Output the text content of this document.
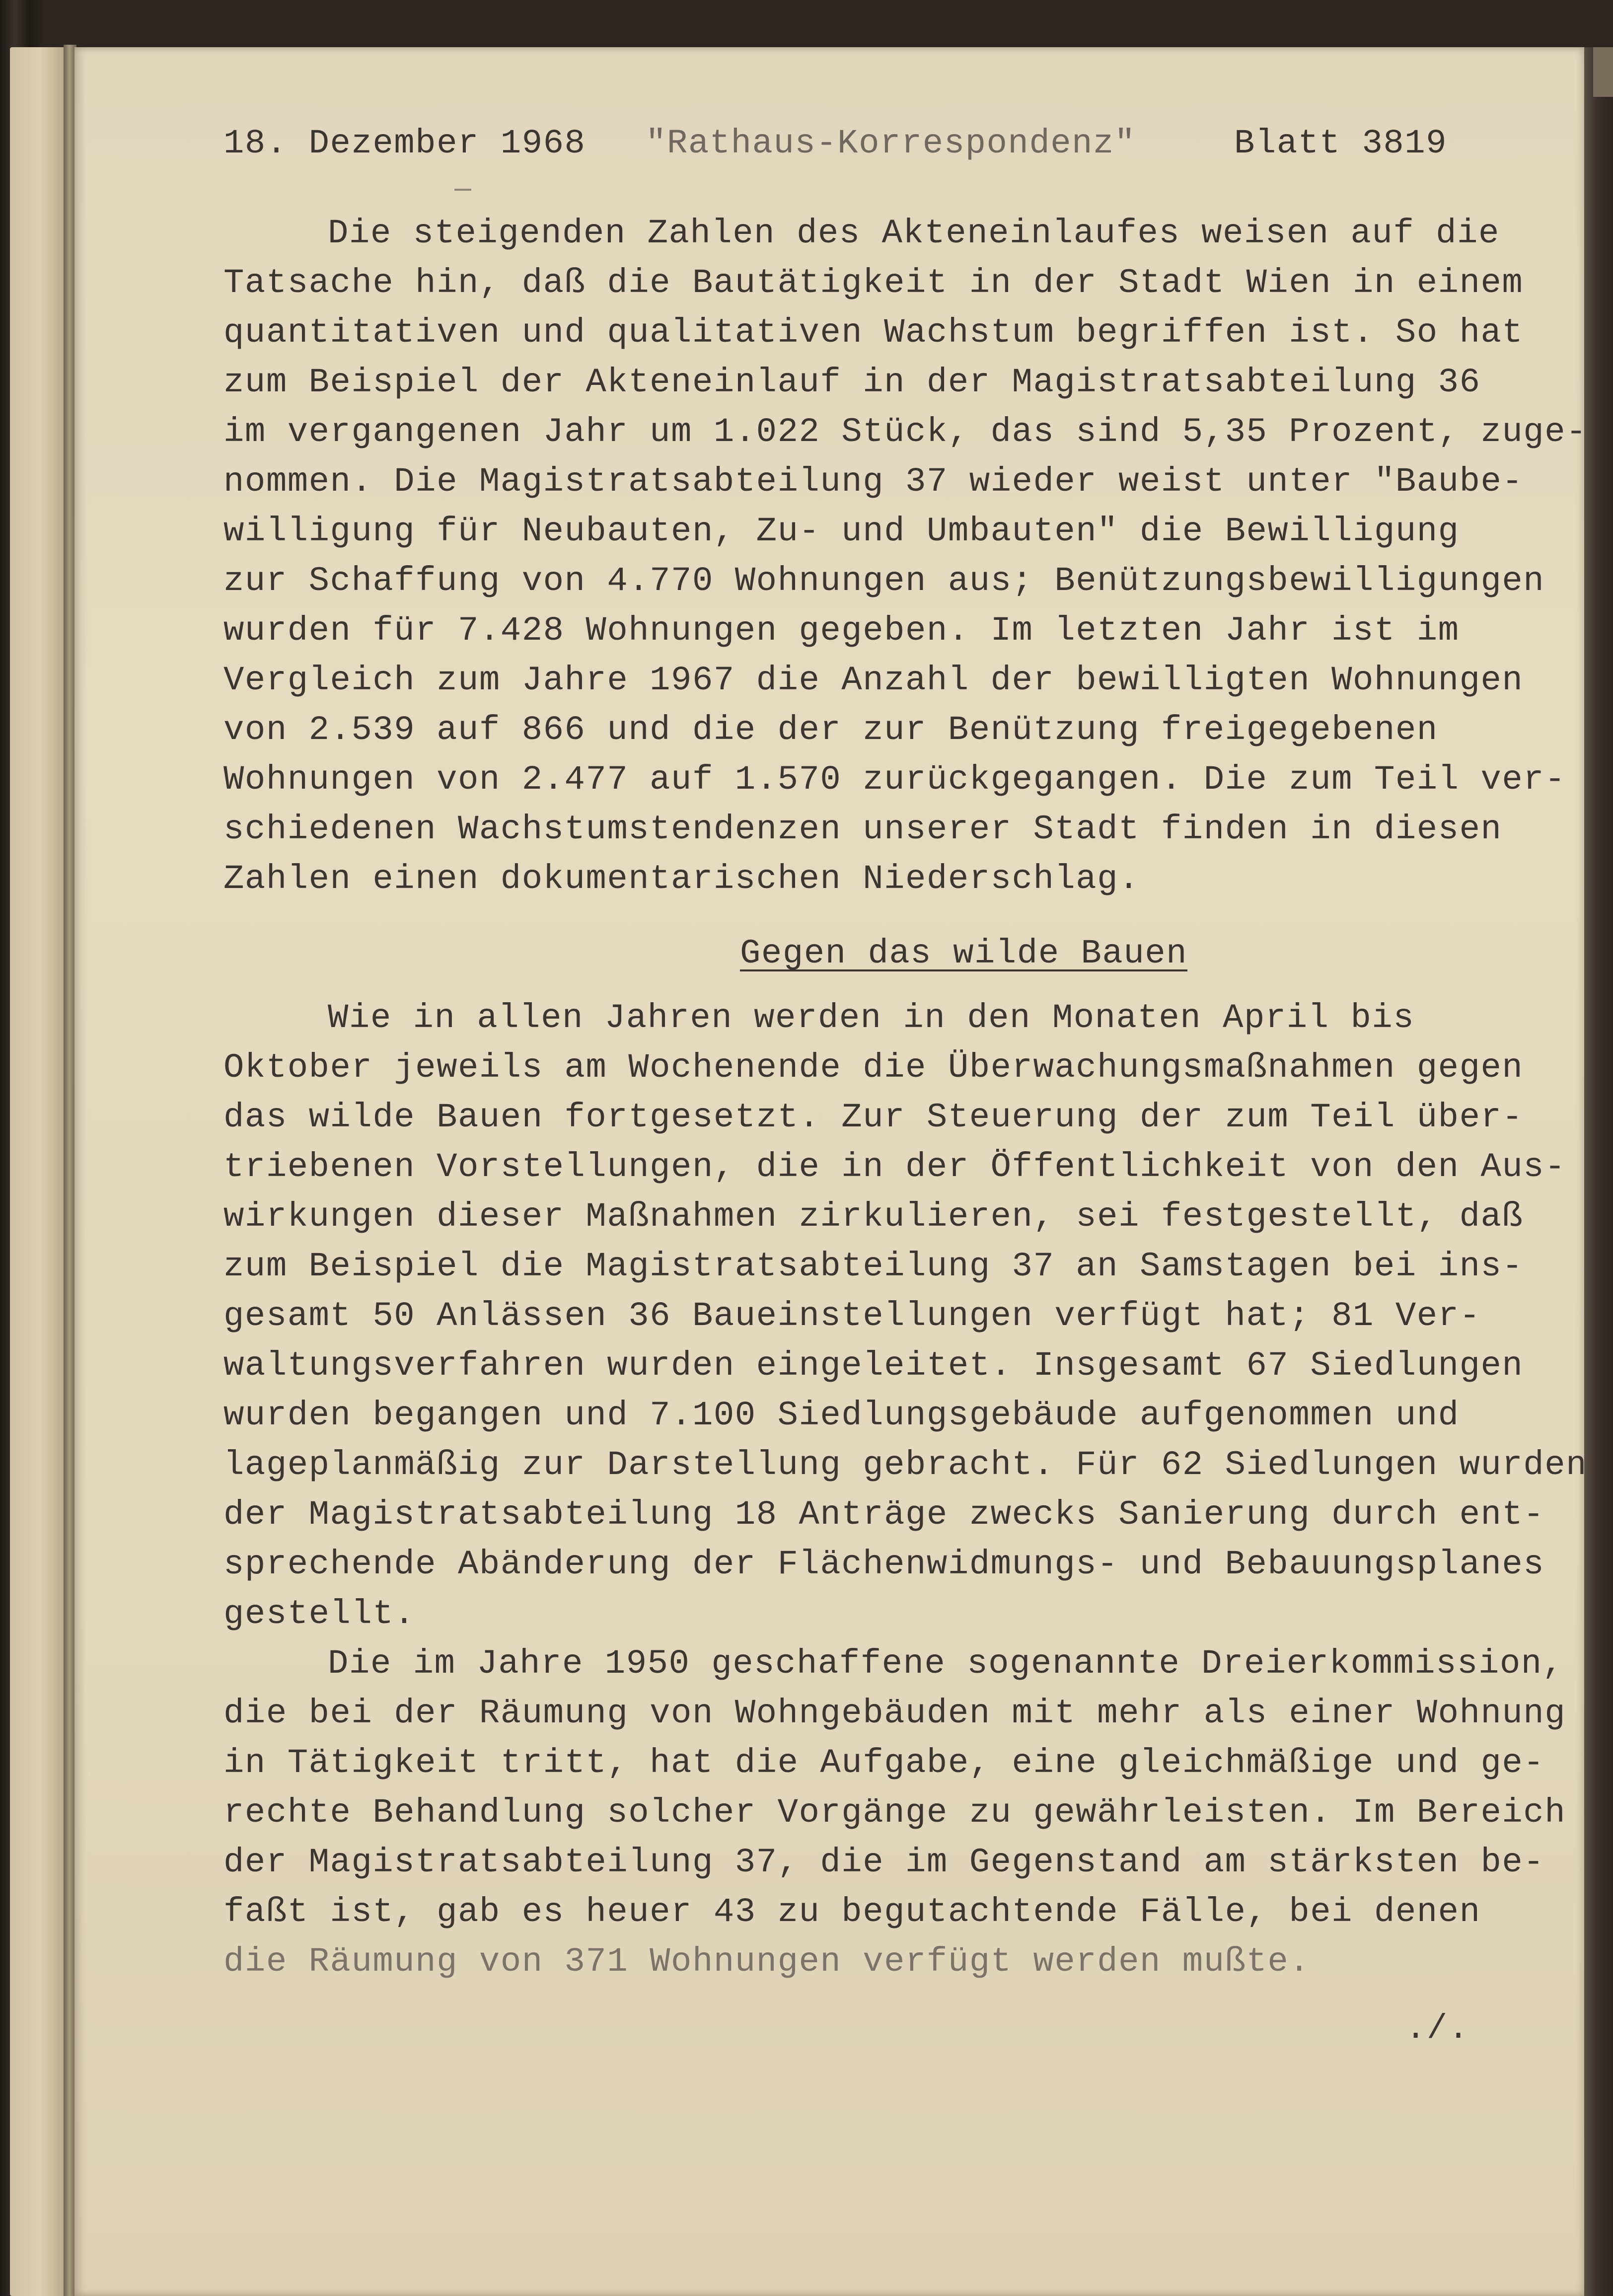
18. Dezember 1968 "Rathaus-Korrespondenz"	Blatt 3819
Die steigenden Zahlen des Akteneinlaufes weisen auf die
Tatsache hin, daß die Bautätigkeit in der Stadt Wien in einem
quantitativen und qualitativen Wachstum begriffen ist. So hat
zum Beispiel der Akteneinlauf in der Magistratsabteilung 36
im vergangenen Jahr um 1.022 Stück, das sind 5,35 Prozent, zuge-
nommen. Die Magistratsabteilung 37 wieder weist unter "Baube-
willigung für Neubauten, Zu- und Umbauten" die Bewilligung
zur Schaffung von 4.770 Wohnungen aus; Benützungsbewilligungen
wurden für 7.428 Wohnungen gegeben. Im letzten Jahr ist im
Vergleich zum Jahre 1967 die Anzahl der bewilligten Wohnungen
von 2.539 auf 866 und die der zur Benützung freigegebenen
Wohnungen von 2.477 auf 1.570 zurückgegangen. Die zum Teil ver-
schiedenen Wachstumstendenzen unserer Stadt finden in diesen
Zahlen einen dokumentarischen Niederschlag.
Gegen das wilde Bauen
Wie in allen Jahren werden in den Monaten April bis
Oktober jeweils am Wochenende die Überwachungsmaßnahmen gegen
das wilde Bauen fortgesetzt. Zur Steuerung der zum Teil über-
triebenen Vorstellungen, die in der Öffentlichkeit von den Aus-
wirkungen dieser Maßnahmen zirkulieren, sei festgestellt, daß
zum Beispiel die Magistratsabteilung 37 an Samstagen bei ins-
gesamt 50 Anlässen 36 Baueinstellungen verfügt hat; 81 Ver-
waltungsverfahren wurden eingeleitet. Insgesamt 67 Siedlungen
wurden begangen und 7.100 Siedlungsgebäude aufgenommen und
lageplanmäßig zur Darstellung gebracht. Für 62 Siedlungen wurden
der Magistratsabteilung 18 Anträge zwecks Sanierung durch ent-
sprechende Abänderung der Flächenwidmungs- und Bebauungsplanes
gestellt.
Die im Jahre 1950 geschaffene sogenannte Dreierkommission,
die bei der Räumung von Wohngebäuden mit mehr als einer Wohnung
in Tätigkeit tritt, hat die Aufgabe, eine gleichmäßige und ge-
rechte Behandlung solcher Vorgänge zu gewährleisten. Im Bereich
der Magistratsabteilung 37, die im Gegenstand am stärksten be-
faßt ist, gab es heuer 43 zu begutachtende Fälle, bei denen
die Räumung von 371 Wohnungen verfügt werden mußte.
./.
